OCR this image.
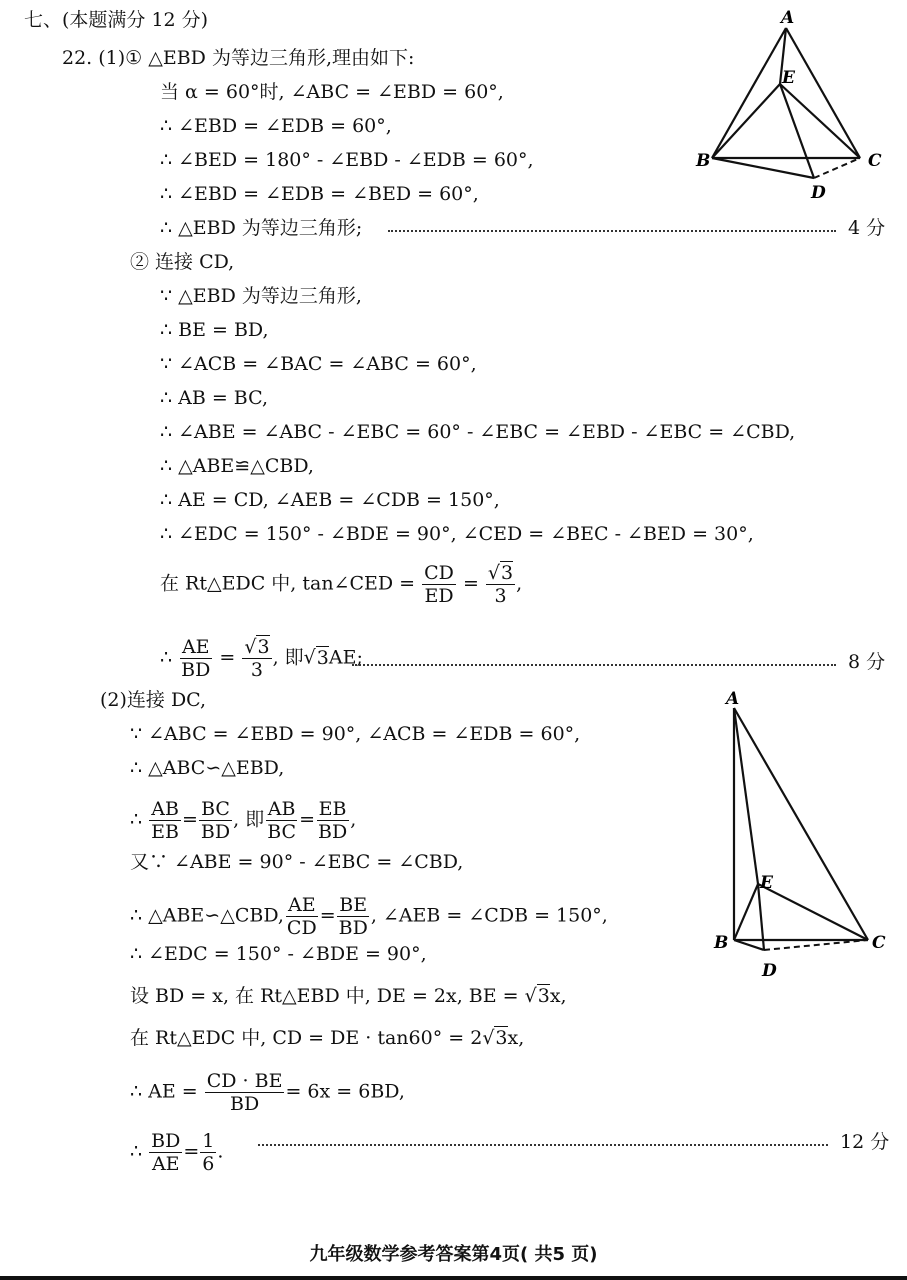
七、(本题满分 12 分)
22. (1)① △EBD 为等边三角形,理由如下:
当 α = 60°时, ∠ABC = ∠EBD = 60°,
∴ ∠EBD = ∠EDB = 60°,
∴ ∠BED = 180° - ∠EBD - ∠EDB = 60°,
∴ ∠EBD = ∠EDB = ∠BED = 60°,
∴ △EBD 为等边三角形;	4 分
② 连接 CD,
∵ △EBD 为等边三角形,
∴ BE = BD,
∵ ∠ACB = ∠BAC = ∠ABC = 60°,
∴ AB = BC,
∴ ∠ABE = ∠ABC - ∠EBC = 60° - ∠EBC = ∠EBD - ∠EBC = ∠CBD,
∴ △ABE≌△CBD,
∴ AE = CD, ∠AEB = ∠CDB = 150°,
∴ ∠EDC = 150° - ∠BDE = 90°, ∠CED = ∠BEC - ∠BED = 30°,
在 Rt△EDC 中, tan∠CED = $\frac{CD}{ED} = \frac{√3}{3}$ ,
∴ $\frac{AE}{BD} = \frac{√3}{3}$ , 即√3AE;	8 分
(2)连接 DC,
∵ ∠ABC = ∠EBD = 90°, ∠ACB = ∠EDB = 60°,
∴ △ABC∽△EBD,
∴ $\frac{AB}{EB} = \frac{BC}{BD}$ , 即 $\frac{AB}{BC} = \frac{EB}{BD}$ ,
又∵ ∠ABE = 90° - ∠EBC = ∠CBD,
∴ △ABE∽△CBD, $\frac{AE}{CD} = \frac{BE}{BD}$ , ∠AEB = ∠CDB = 150°,
∴ ∠EDC = 150° - ∠BDE = 90°,
设 BD = x, 在 Rt△EBD 中, DE = 2x, BE = √3x,
在 Rt△EDC 中, CD = DE · tan60° = 2√3x,
∴ AE = $\frac{CD \cdot BE}{BD} = 6x = 6BD$,
∴ $\frac{BD}{AE} = \frac{1}{6}$ .	12 分
A
E
B	C
D
A
E
B	C
D
九年级数学参考答案第4页( 共5 页)
